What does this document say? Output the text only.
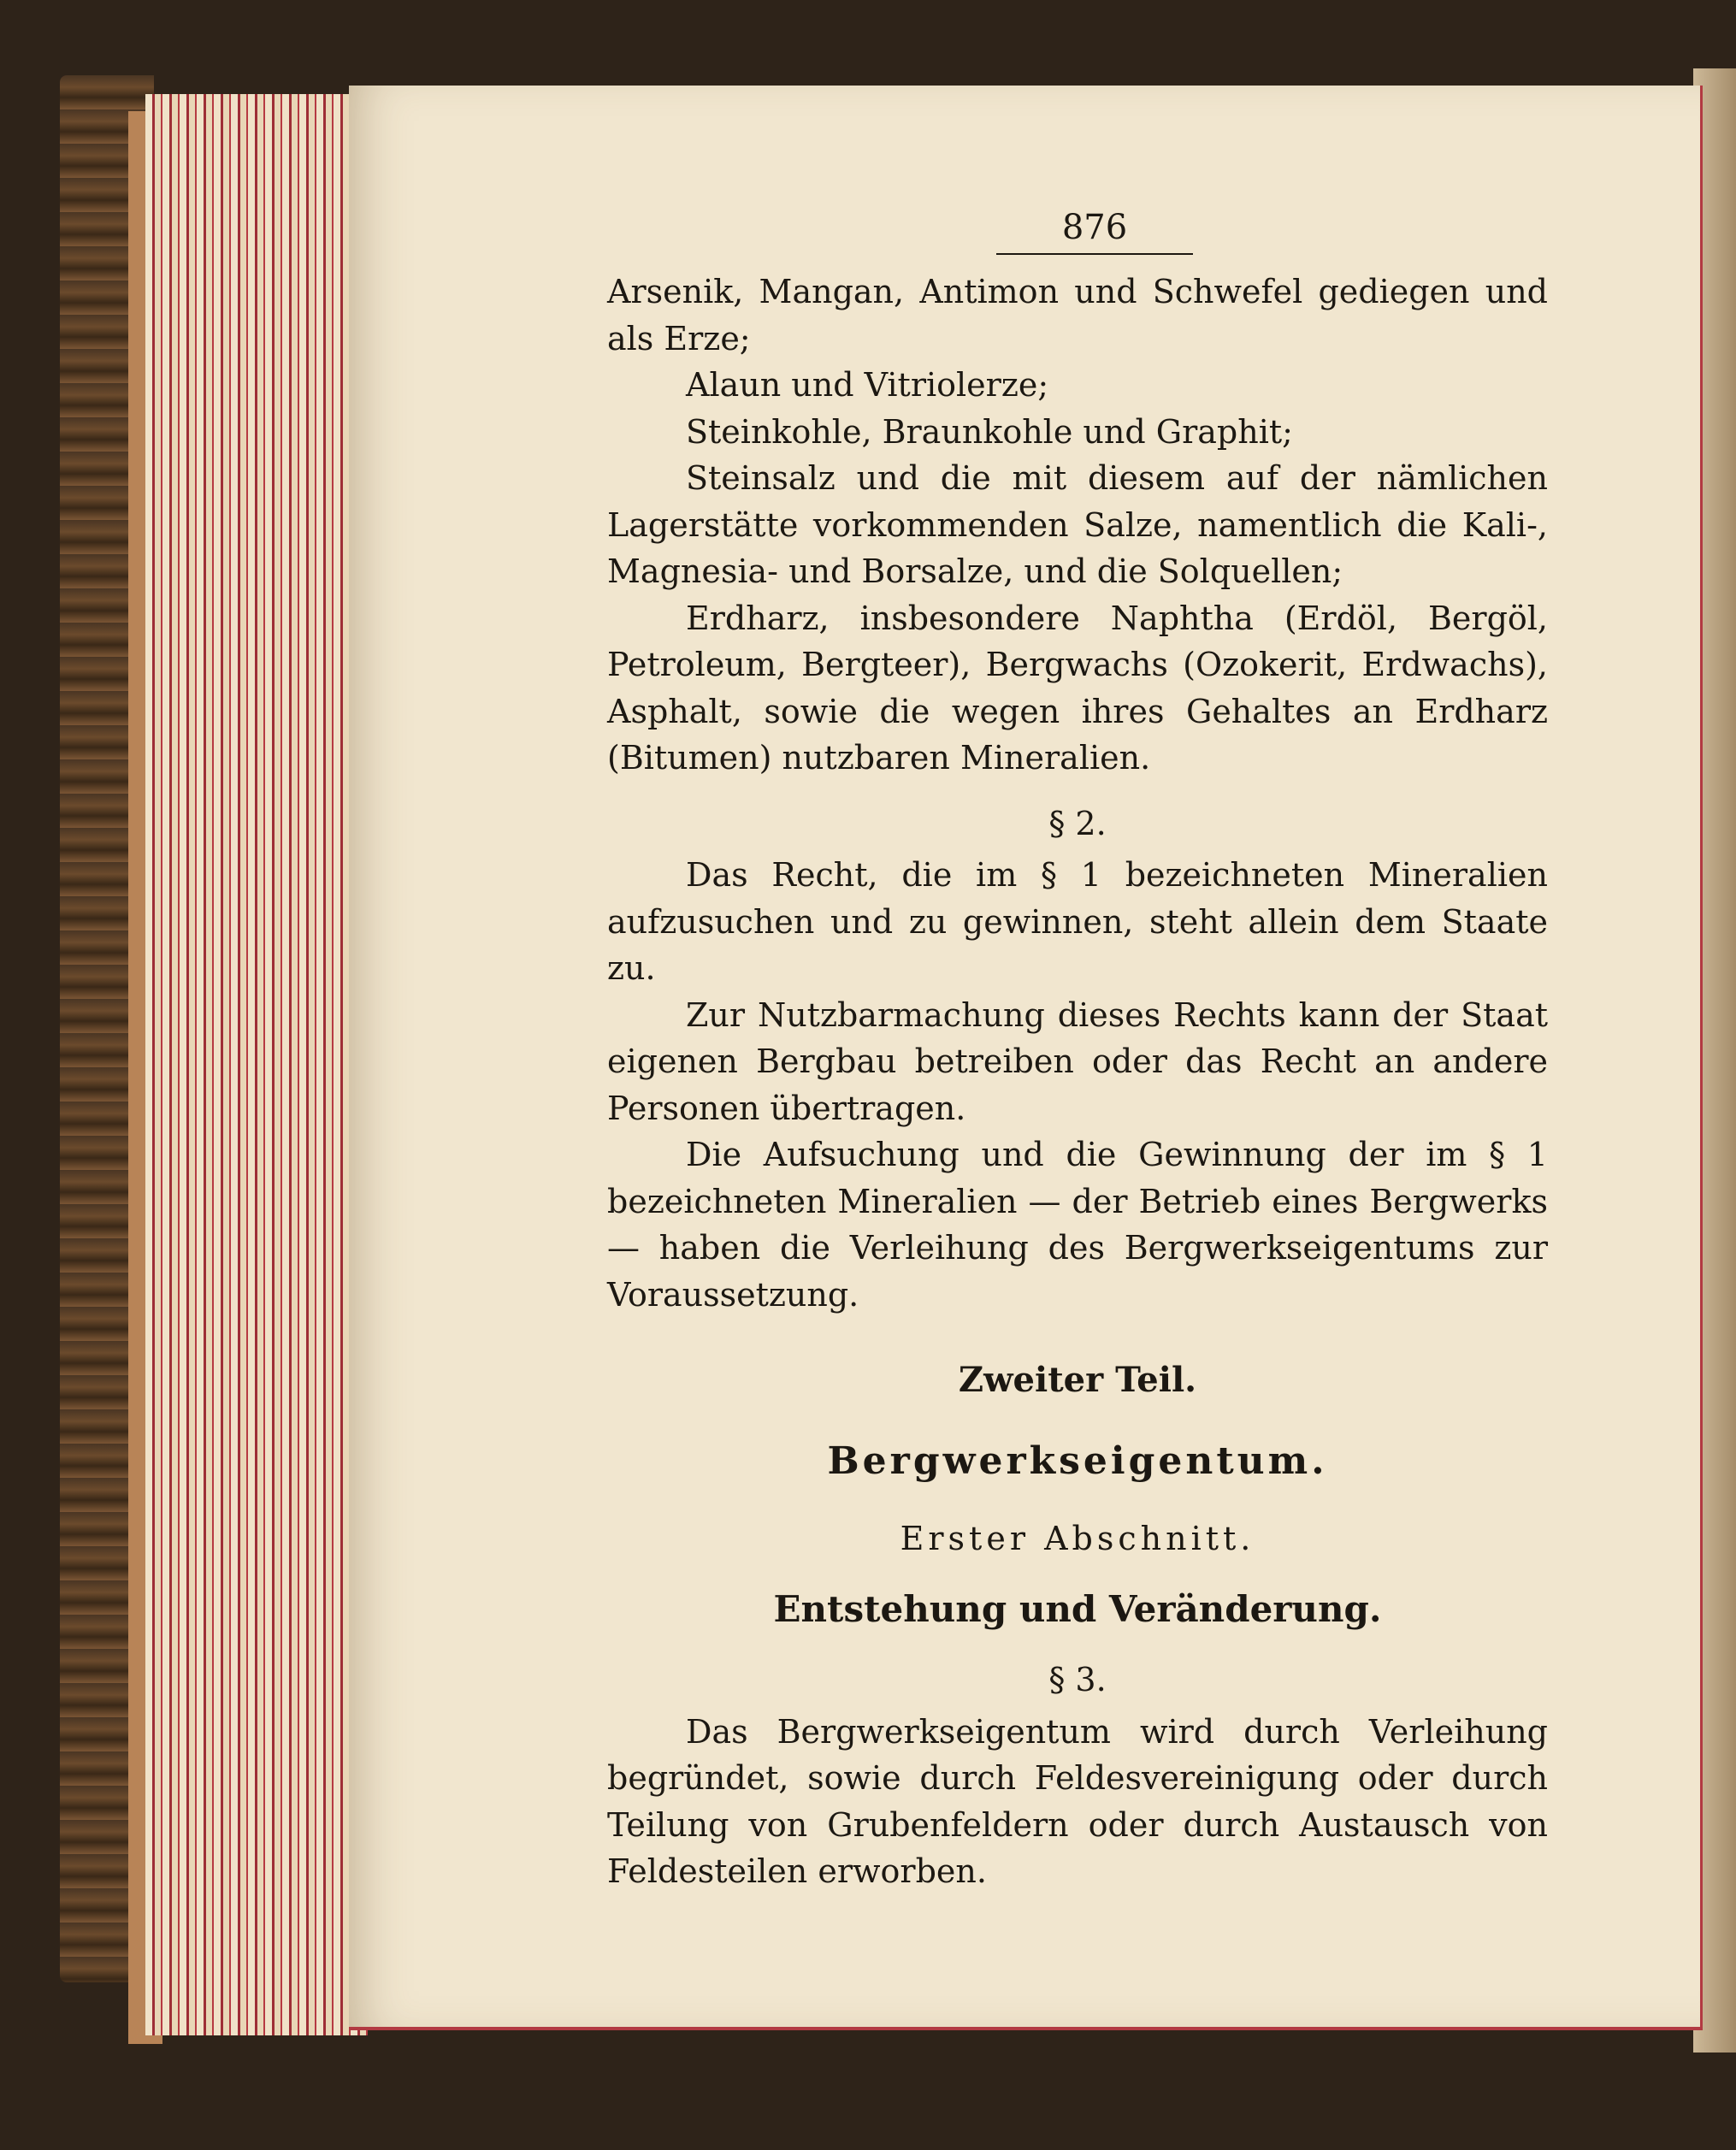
876

Arsenik, Mangan, Antimon und Schwefel gediegen und als Erze;

Alaun und Vitriolerze;

Steinkohle, Braunkohle und Graphit;

Steinsalz und die mit diesem auf der nämlichen Lagerstätte vorkommenden Salze, namentlich die Kali-, Magnesia- und Borsalze, und die Solquellen;

Erdharz, insbesondere Naphtha (Erdöl, Bergöl, Petroleum, Bergteer), Bergwachs (Ozokerit, Erdwachs), Asphalt, sowie die wegen ihres Gehaltes an Erdharz (Bitumen) nutzbaren Mineralien.

§ 2.

Das Recht, die im § 1 bezeichneten Mineralien aufzusuchen und zu gewinnen, steht allein dem Staate zu.

Zur Nutzbarmachung dieses Rechts kann der Staat eigenen Bergbau betreiben oder das Recht an andere Personen übertragen.

Die Aufsuchung und die Gewinnung der im § 1 bezeichneten Mineralien — der Betrieb eines Bergwerks — haben die Verleihung des Bergwerkseigentums zur Voraussetzung.

Zweiter Teil.
Bergwerkseigentum.
Erster Abschnitt.
Entstehung und Veränderung.
§ 3.

Das Bergwerkseigentum wird durch Verleihung begründet, sowie durch Feldesvereinigung oder durch Teilung von Grubenfeldern oder durch Austausch von Feldesteilen erworben.
